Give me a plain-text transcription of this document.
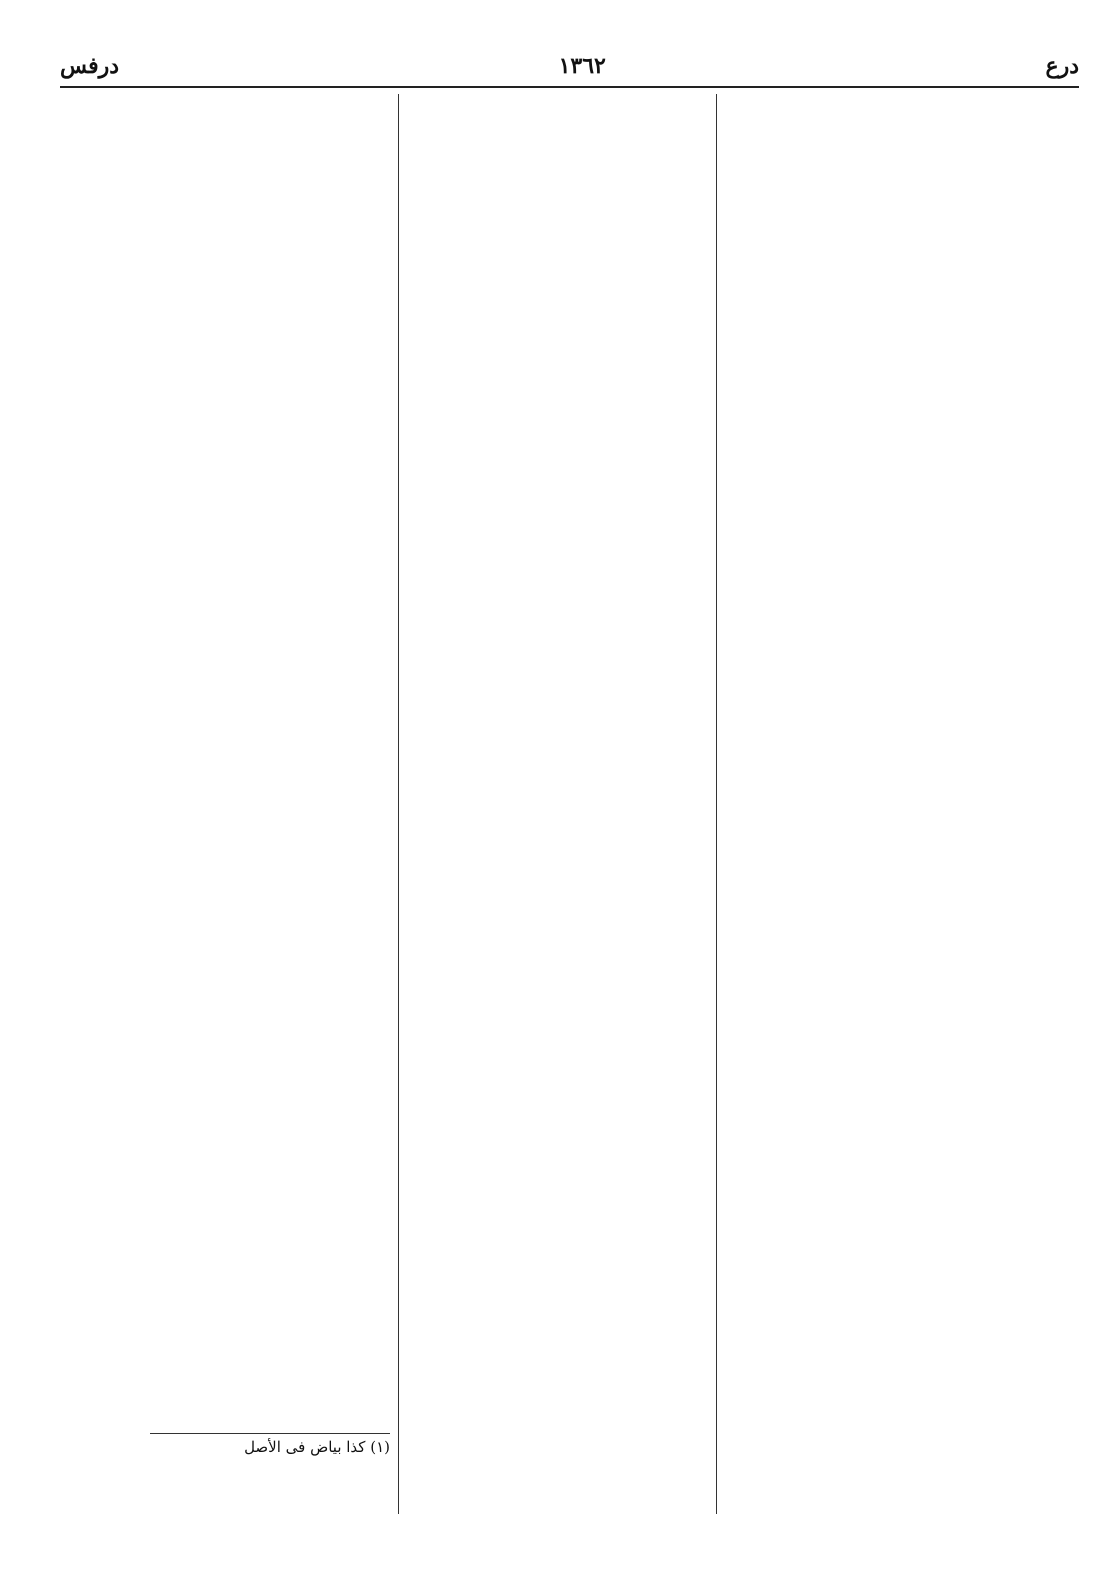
درع
١٣٦٢
درفس
(١) كذا بياض فى الأصل
